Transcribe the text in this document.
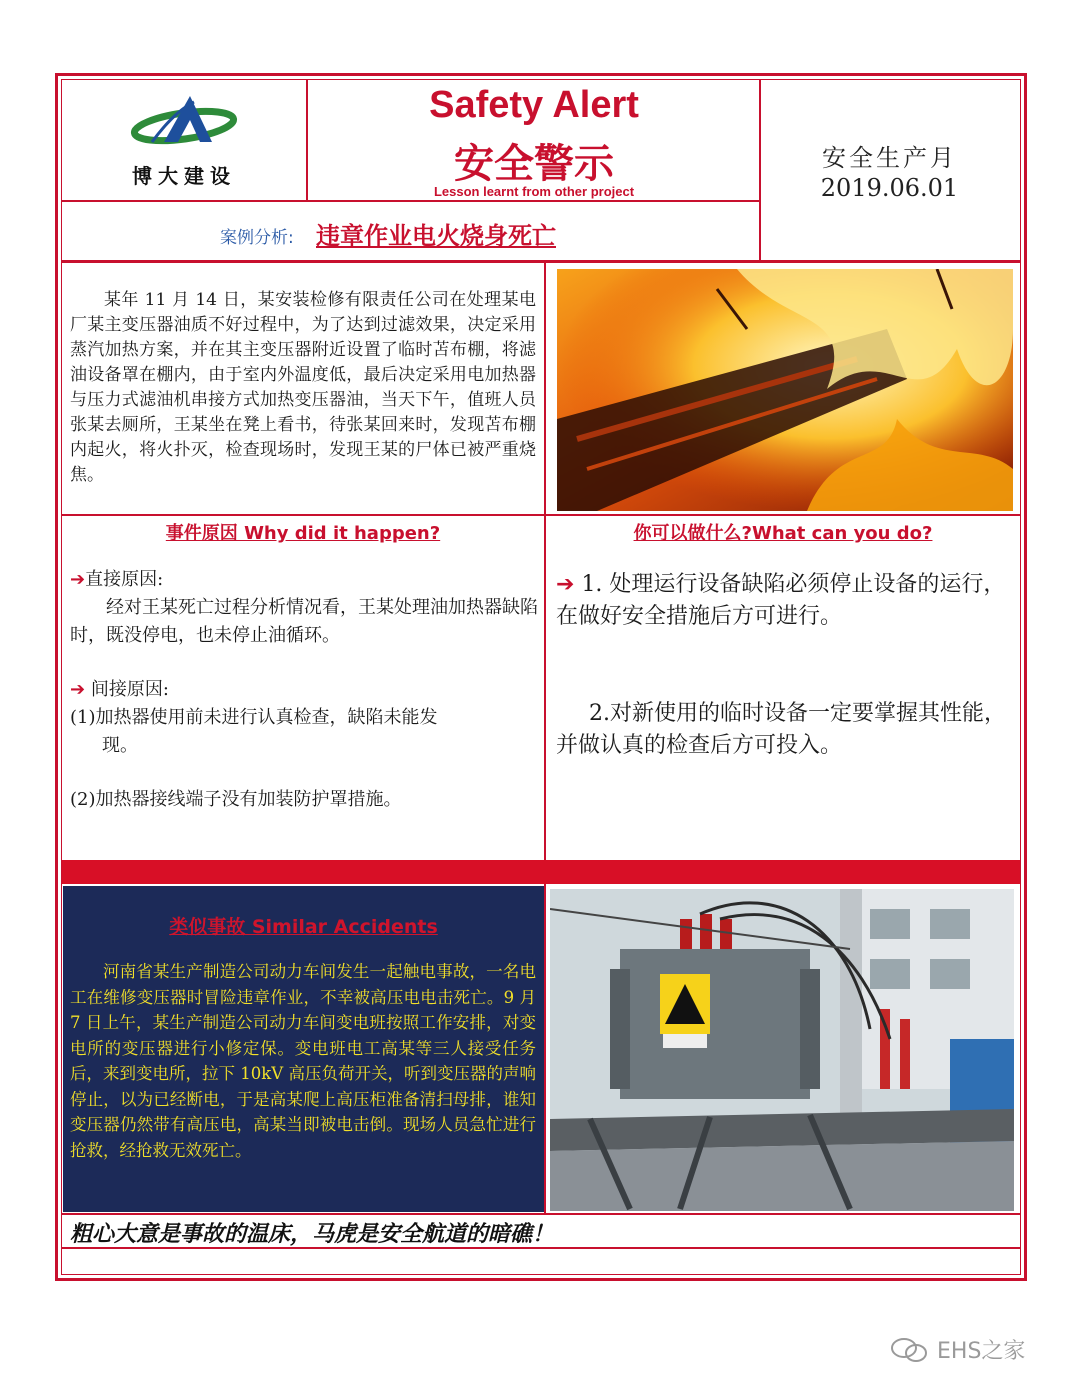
博大建设
Safety Alert
安全警示
Lesson learnt from other project
安全生产月
2019.06.01
案例分析: 违章作业电火烧身死亡

某年 11 月 14 日，某安装检修有限责任公司在处理某电厂某主变压器油质不好过程中，为了达到过滤效果，决定采用蒸汽加热方案，并在其主变压器附近设置了临时苫布棚，将滤油设备罩在棚内，由于室内外温度低，最后决定采用电加热器与压力式滤油机串接方式加热变压器油，当天下午，值班人员张某去厕所，王某坐在凳上看书，待张某回来时，发现苫布棚内起火，将火扑灭，检查现场时，发现王某的尸体已被严重烧焦。

事件原因 Why did it happen?
➔直接原因:
经对王某死亡过程分析情况看，王某处理油加热器缺陷时，既没停电，也未停止油循环。
➔ 间接原因:
(1)加热器使用前未进行认真检查，缺陷未能发
现。
(2)加热器接线端子没有加装防护罩措施。
你可以做什么?What can you do?
➔ 1. 处理运行设备缺陷必须停止设备的运行，在做好安全措施后方可进行。
2.对新使用的临时设备一定要掌握其性能，并做认真的检查后方可投入。
类似事故 Similar Accidents

河南省某生产制造公司动力车间发生一起触电事故，一名电工在维修变压器时冒险违章作业，不幸被高压电电击死亡。9 月 7 日上午，某生产制造公司动力车间变电班按照工作安排，对变电所的变压器进行小修定保。变电班电工高某等三人接受任务后，来到变电所，拉下 10kV 高压负荷开关，听到变压器的声响停止，以为已经断电，于是高某爬上高压柜准备清扫母排，谁知变压器仍然带有高压电，高某当即被电击倒。现场人员急忙进行抢救，经抢救无效死亡。

粗心大意是事故的温床，马虎是安全航道的暗礁！
EHS之家
